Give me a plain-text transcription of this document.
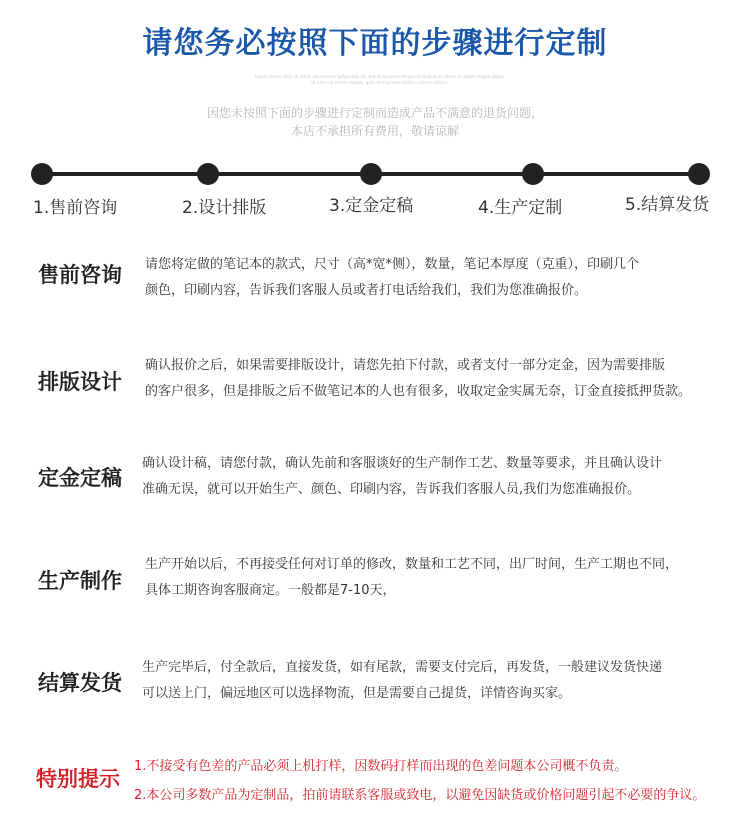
请您务必按照下面的步骤进行定制
Lorem ipsum dolor sit amet, consectetur adipiscing elit, sed do eiusmod tempor incididunt ut labore et dolore magna aliqua. Ut enim ad minim veniam, quis nostrud exercitation ullamco laboris.
因您未按照下面的步骤进行定制而造成产品不满意的退货问题，
本店不承担所有费用，敬请谅解
1.售前咨询	2.设计排版	3.定金定稿	4.生产定制	5.结算发货
售前咨询 请您将定做的笔记本的款式，尺寸（高*宽*侧），数量，笔记本厚度（克重），印刷几个
颜色，印刷内容，告诉我们客服人员或者打电话给我们，我们为您准确报价。
排版设计
确认报价之后，如果需要排版设计，请您先拍下付款，或者支付一部分定金，因为需要排版
的客户很多，但是排版之后不做笔记本的人也有很多，收取定金实属无奈，订金直接抵押货款。
定金定稿
确认设计稿，请您付款，确认先前和客服谈好的生产制作工艺、数量等要求，并且确认设计
准确无误，就可以开始生产、颜色、印刷内容，告诉我们客服人员,我们为您准确报价。
生产制作
生产开始以后，不再接受任何对订单的修改，数量和工艺不同，出厂时间，生产工期也不同，
具体工期咨询客服商定。一般都是7-10天，
结算发货
生产完毕后，付全款后，直接发货，如有尾款，需要支付完后，再发货，一般建议发货快递
可以送上门，偏远地区可以选择物流，但是需要自己提货，详情咨询买家。
特别提示
1.不接受有色差的产品必须上机打样，因数码打样而出现的色差问题本公司概不负责。
2.本公司多数产品为定制品，拍前请联系客服或致电，以避免因缺货或价格问题引起不必要的争议。
